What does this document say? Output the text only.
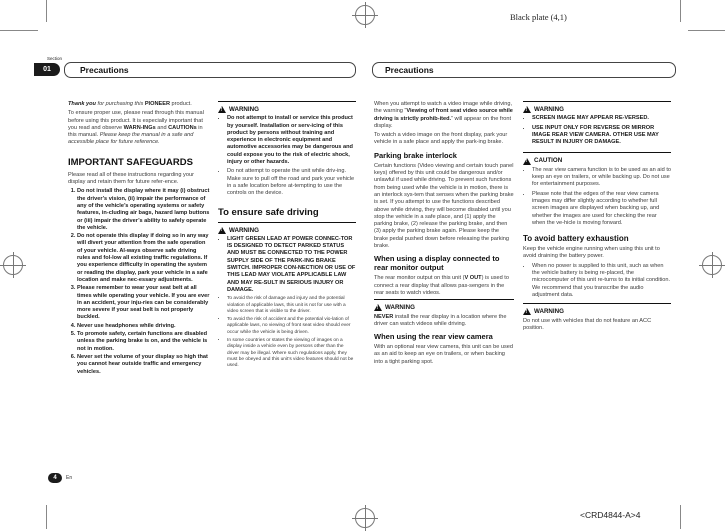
Black plate (4,1)
Section
01	Precautions	Precautions

Thank you for purchasing this PIONEER product.

To ensure proper use, please read through this manual before using this product. It is especially important that you read and observe WARN-INGs and CAUTIONs in this manual. Please keep the manual in a safe and accessible place for future reference.

IMPORTANT SAFEGUARDS

Please read all of these instructions regarding your display and retain them for future refer-ence.

1. Do not install the display where it may (i) obstruct the driver’s vision, (ii) impair the performance of any of the vehicle’s operating systems or safety features, in-cluding air bags, hazard lamp buttons or (iii) impair the driver’s ability to safely operate the vehicle.
2. Do not operate this display if doing so in any way will divert your attention from the safe operation of your vehicle. Al-ways observe safe driving rules and fol-low all existing traffic regulations. If you experience difficulty in operating the system or reading the display, park your vehicle in a safe location and make nec-essary adjustments.
3. Please remember to wear your seat belt at all times while operating your vehicle. If you are ever in an accident, your inju-ries can be considerably more severe if your seat belt is not properly buckled.
4. Never use headphones while driving.
5. To promote safety, certain functions are disabled unless the parking brake is on, and the vehicle is not in motion.
6. Never set the volume of your display so high that you cannot hear outside traffic and emergency vehicles.
!
WARNING
• Do not attempt to install or service this product by yourself. Installation or serv-icing of this product by persons without training and experience in electronic equipment and automotive accessories may be dangerous and could expose you to the risk of electric shock, injury or other hazards.
• Do not attempt to operate the unit while driv-ing. Make sure to pull off the road and park your vehicle in a safe location before at-tempting to use the controls on the device.
To ensure safe driving
!
WARNING
• LIGHT GREEN LEAD AT POWER CONNEC-TOR IS DESIGNED TO DETECT PARKED STATUS AND MUST BE CONNECTED TO THE POWER SUPPLY SIDE OF THE PARK-ING BRAKE SWITCH. IMPROPER CON-NECTION OR USE OF THIS LEAD MAY VIOLATE APPLICABLE LAW AND MAY RE-SULT IN SERIOUS INJURY OR DAMAGE.
• To avoid the risk of damage and injury and the potential violation of applicable laws, this unit is not for use with a video screen that is visible to the driver.
• To avoid the risk of accident and the potential vio-lation of applicable laws, no viewing of front seat video should ever occur while the vehicle is being driven.
• In some countries or states the viewing of images on a display inside a vehicle even by persons other than the driver may be illegal. Where such regulations apply, they must be obeyed and this unit’s video features should not be used.

When you attempt to watch a video image while driving, the warning “Viewing of front seat video source while driving is strictly prohib-ited.” will appear on the front display.

To watch a video image on the front display, park your vehicle in a safe place and apply the park-ing brake.

Parking brake interlock

Certain functions (Video viewing and certain touch panel keys) offered by this unit could be dangerous and/or unlawful if used while driving. To prevent such functions from being used while the vehicle is in motion, there is an interlock sys-tem that senses when the parking brake is set. If you attempt to use the functions described above while driving, they will become disabled until you stop the vehicle in a safe place, and (1) apply the parking brake, (2) release the parking brake, and then (3) apply the parking brake again. Please keep the brake pedal pushed down before releasing the parking brake.

When using a display connected to rear monitor output

The rear monitor output on this unit (V OUT) is used to connect a rear display that allows pas-sengers in the rear seats to watch videos.

!
WARNING

NEVER install the rear display in a location where the driver can watch videos while driving.

When using the rear view camera

With an optional rear view camera, this unit can be used as an aid to keep an eye on trailers, or when backing into a tight parking spot.

!
WARNING
• SCREEN IMAGE MAY APPEAR RE-VERSED.
• USE INPUT ONLY FOR REVERSE OR MIRROR IMAGE REAR VIEW CAMERA. OTHER USE MAY RESULT IN INJURY OR DAMAGE.
!
CAUTION
• The rear view camera function is to be used as an aid to keep an eye on trailers, or while backing up. Do not use for entertainment purposes.
• Please note that the edges of the rear view camera images may differ slightly according to whether full screen images are displayed when backing up, and whether the images are used for checking the rear when the ve-hicle is moving forward.
To avoid battery exhaustion

Keep the vehicle engine running when using this unit to avoid draining the battery power.

• When no power is supplied to this unit, such as when the vehicle battery is being re-placed, the microcomputer of this unit re-turns to its initial condition. We recommend that you transcribe the audio adjustment data.
!
WARNING

Do not use with vehicles that do not feature an ACC position.

4	En
<CRD4844-A>4
